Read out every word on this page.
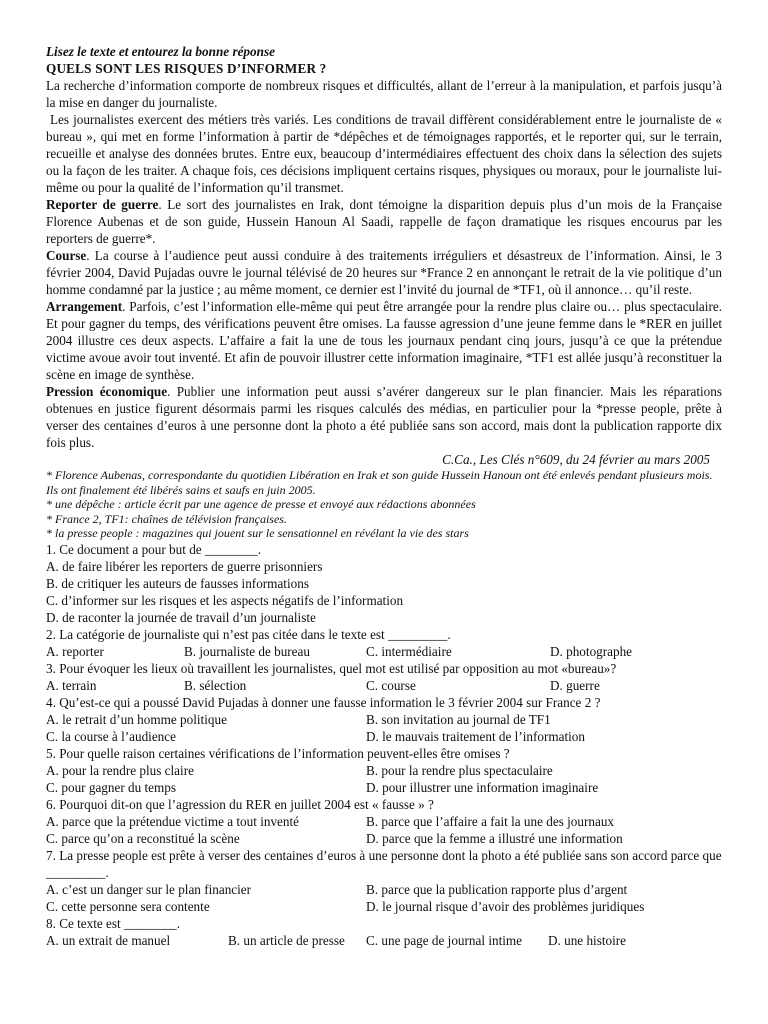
Lisez le texte et entourez la bonne réponse
QUELS SONT LES RISQUES D’INFORMER ?

La recherche d’information comporte de nombreux risques et difficultés, allant de l’erreur à la manipulation, et parfois jusqu’à la mise en danger du journaliste.

Les journalistes exercent des métiers très variés. Les conditions de travail diffèrent considérablement entre le journaliste de « bureau », qui met en forme l’information à partir de *dépêches et de témoignages rapportés, et le reporter qui, sur le terrain, recueille et analyse des données brutes. Entre eux, beaucoup d’intermédiaires effectuent des choix dans la sélection des sujets ou la façon de les traiter. A chaque fois, ces décisions impliquent certains risques, physiques ou moraux, pour le journaliste lui-même ou pour la qualité de l’information qu’il transmet.

Reporter de guerre. Le sort des journalistes en Irak, dont témoigne la disparition depuis plus d’un mois de la Française Florence Aubenas et de son guide, Hussein Hanoun Al Saadi, rappelle de façon dramatique les risques encourus par les reporters de guerre*.

Course. La course à l’audience peut aussi conduire à des traitements irréguliers et désastreux de l’information. Ainsi, le 3 février 2004, David Pujadas ouvre le journal télévisé de 20 heures sur *France 2 en annonçant le retrait de la vie politique d’un homme condamné par la justice ; au même moment, ce dernier est l’invité du journal de *TF1, où il annonce… qu’il reste.

Arrangement. Parfois, c’est l’information elle-même qui peut être arrangée pour la rendre plus claire ou… plus spectaculaire. Et pour gagner du temps, des vérifications peuvent être omises. La fausse agression d’une jeune femme dans le *RER en juillet 2004 illustre ces deux aspects. L’affaire a fait la une de tous les journaux pendant cinq jours, jusqu’à ce que la prétendue victime avoue avoir tout inventé. Et afin de pouvoir illustrer cette information imaginaire, *TF1 est allée jusqu’à reconstituer la scène en image de synthèse.

Pression économique. Publier une information peut aussi s’avérer dangereux sur le plan financier. Mais les réparations obtenues en justice figurent désormais parmi les risques calculés des médias, en particulier pour la *presse people, prête à verser des centaines d’euros à une personne dont la photo a été publiée sans son accord, mais dont la publication rapporte dix fois plus.

C.Ca., Les Clés n°609, du 24 février au mars 2005
* Florence Aubenas, correspondante du quotidien Libération en Irak et son guide Hussein Hanoun ont été enlevés pendant plusieurs mois. Ils ont finalement été libérés sains et saufs en juin 2005.
* une dépêche : article écrit par une agence de presse et envoyé aux rédactions abonnées
* France 2, TF1: chaînes de télévision françaises.
* la presse people : magazines qui jouent sur le sensationnel en révélant la vie des stars
1. Ce document a pour but de ________.
A. de faire libérer les reporters de guerre prisonniers
B. de critiquer les auteurs de fausses informations
C. d’informer sur les risques et les aspects négatifs de l’information
D. de raconter la journée de travail d’un journaliste
2. La catégorie de journaliste qui n’est pas citée dans le texte est _________.
A. reporter	B. journaliste de bureau	C. intermédiaire	D. photographe
3. Pour évoquer les lieux où travaillent les journalistes, quel mot est utilisé par opposition au mot «bureau»?
A. terrain	B. sélection	C. course	D. guerre
4. Qu’est-ce qui a poussé David Pujadas à donner une fausse information le 3 février 2004 sur France 2 ?
A. le retrait d’un homme politique	B. son invitation au journal de TF1
C. la course à l’audience	D. le mauvais traitement de l’information
5. Pour quelle raison certaines vérifications de l’information peuvent-elles être omises ?
A. pour la rendre plus claire	B. pour la rendre plus spectaculaire
C. pour gagner du temps	D. pour illustrer une information imaginaire
6. Pourquoi dit-on que l’agression du RER en juillet 2004 est « fausse » ?
A. parce que la prétendue victime a tout inventé	B. parce que l’affaire a fait la une des journaux
C. parce qu’on a reconstitué la scène	D. parce que la femme a illustré une information
7. La presse people est prête à verser des centaines d’euros à une personne dont la photo a été publiée sans son accord parce que _________.
A. c’est un danger sur le plan financier	B. parce que la publication rapporte plus d’argent
C. cette personne sera contente	D. le journal risque d’avoir des problèmes juridiques
8. Ce texte est ________.
A. un extrait de manuel	B. un article de presse	C. une page de journal intime	D. une histoire
